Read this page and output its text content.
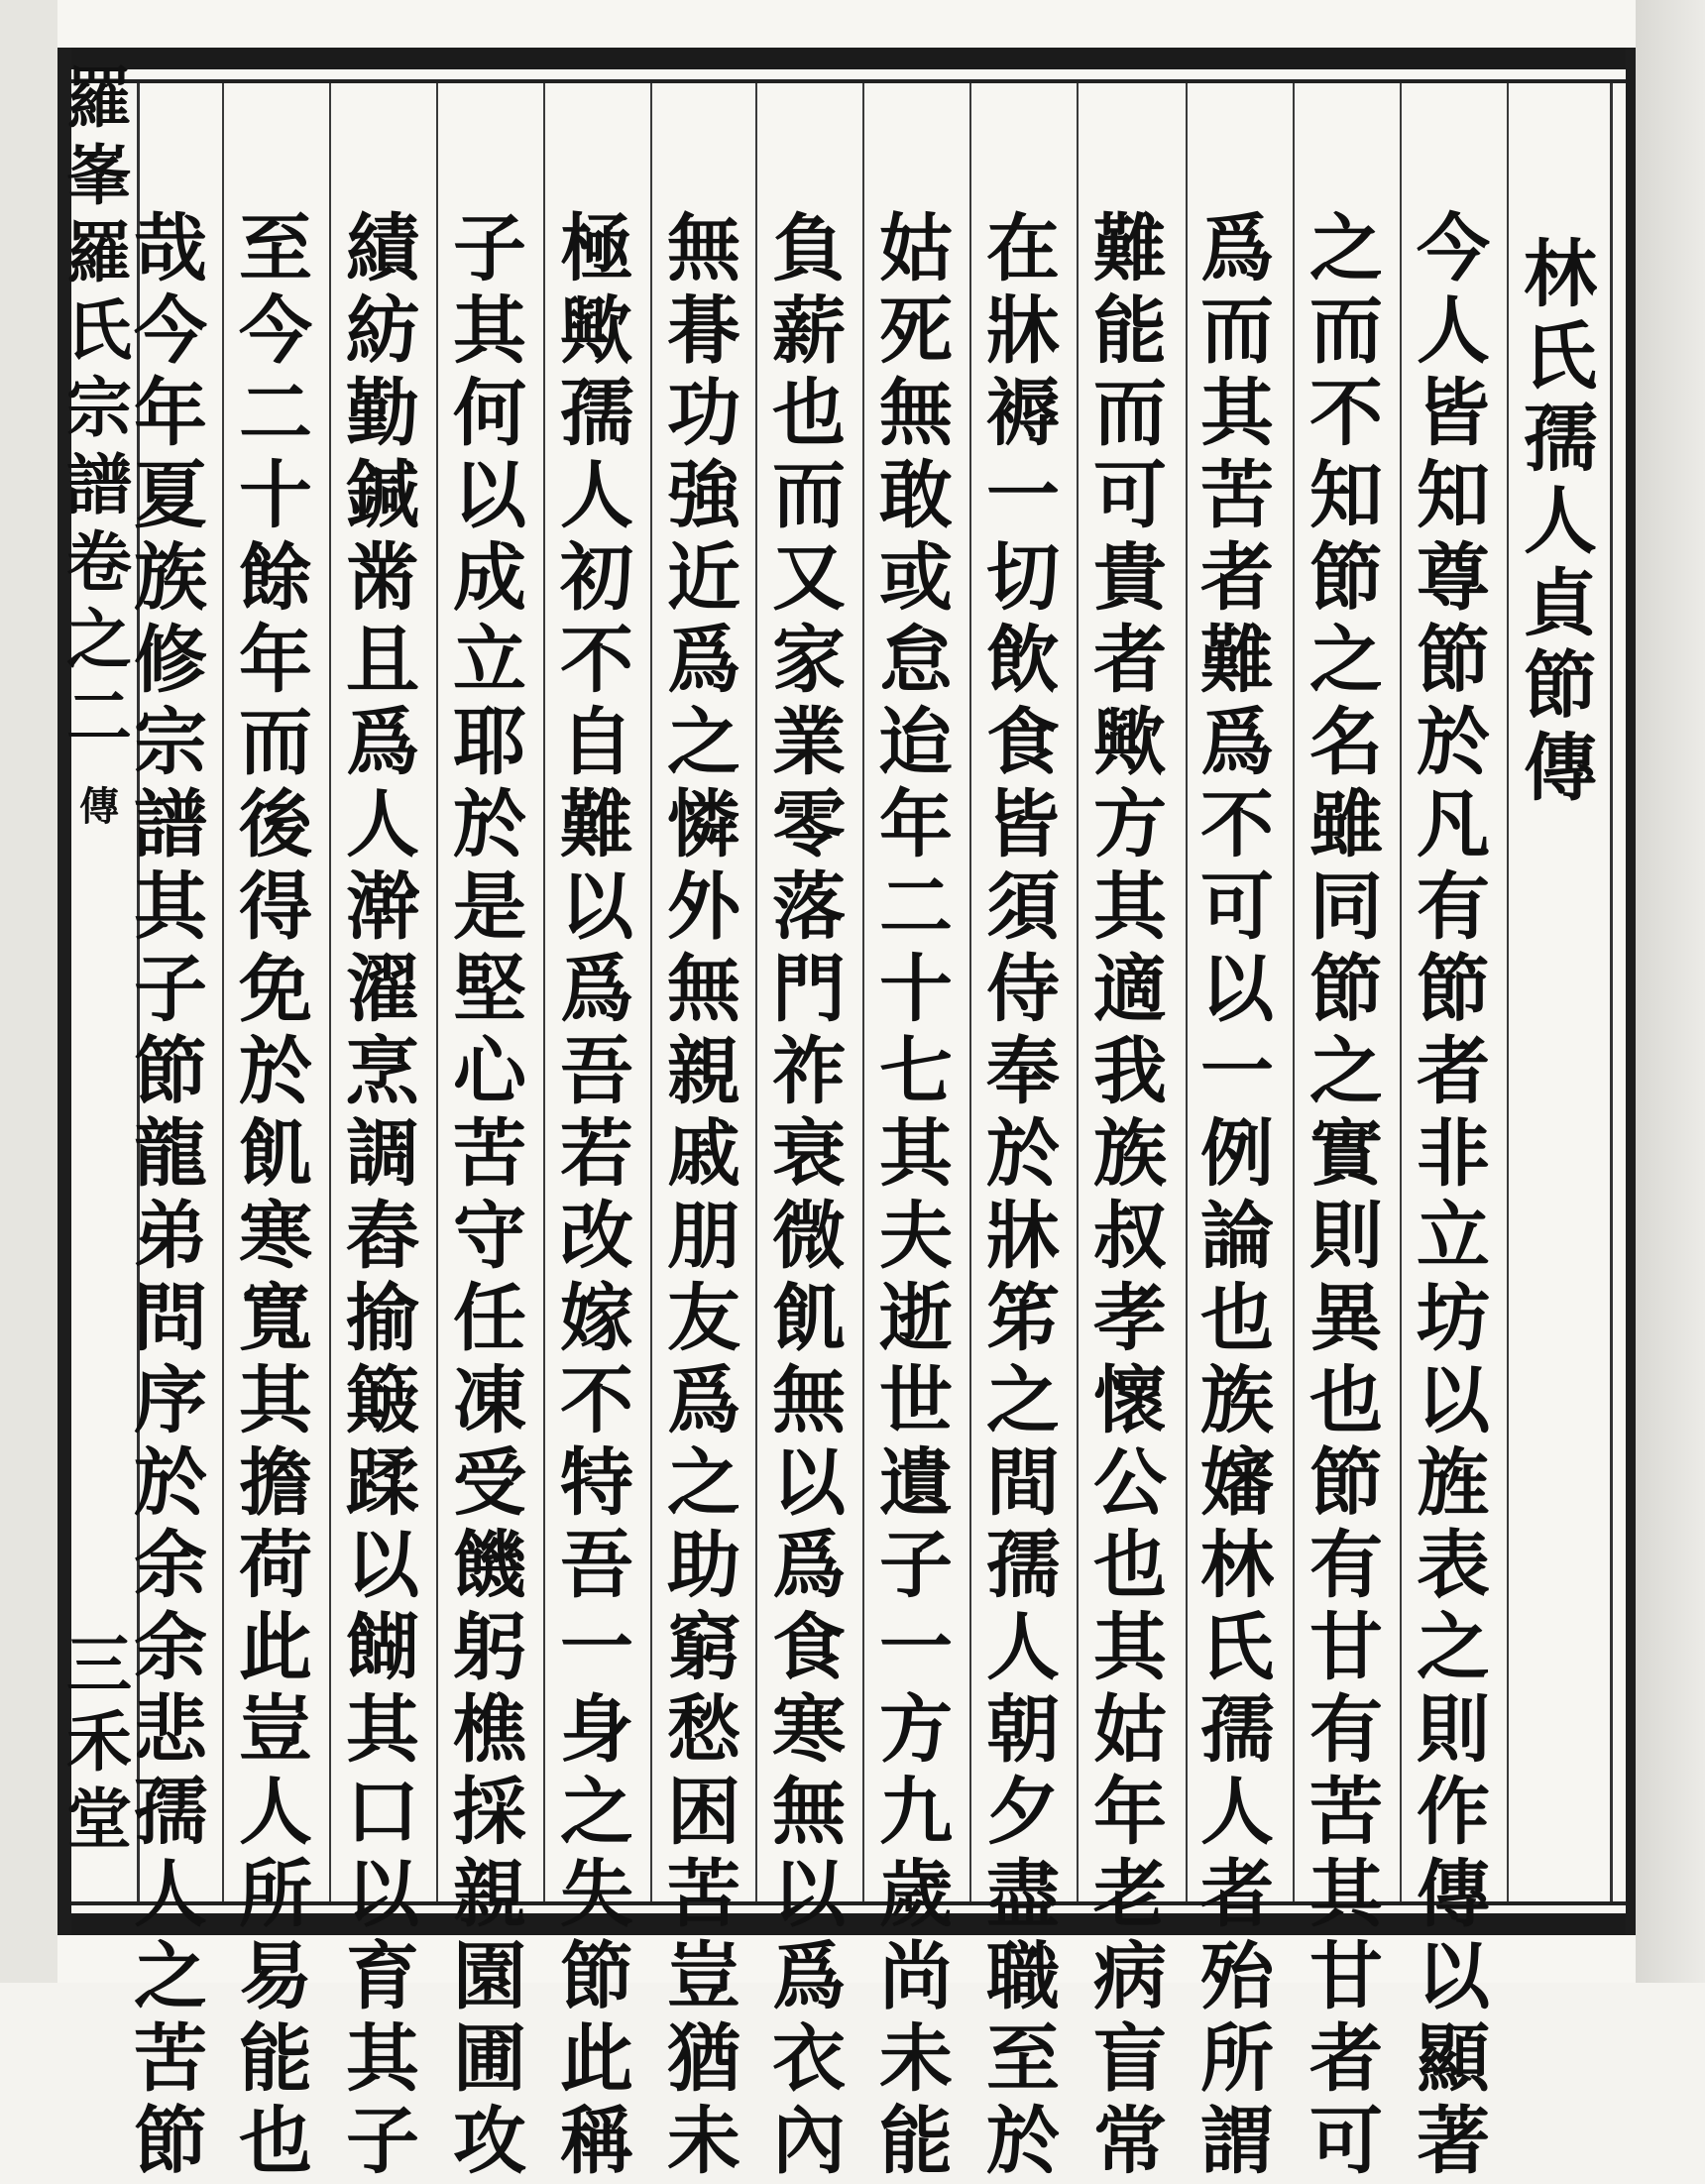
羅
峯
羅
氏
宗
譜
卷
之
二
傳
三
禾
堂
林
氏
孺
人
貞
節
傳
今
人
皆
知
尊
節
於
凡
有
節
者
非
立
坊
以
旌
表
之
則
作
傳
以
顯
著
之
而
不
知
節
之
名
雖
同
節
之
實
則
異
也
節
有
甘
有
苦
其
甘
者
可
爲
而
其
苦
者
難
爲
不
可
以
一
例
論
也
族
嬸
林
氏
孺
人
者
殆
所
謂
難
能
而
可
貴
者
歟
方
其
適
我
族
叔
孝
懷
公
也
其
姑
年
老
病
盲
常
在
牀
褥
一
切
飲
食
皆
須
侍
奉
於
牀
笫
之
間
孺
人
朝
夕
盡
職
至
於
姑
死
無
敢
或
怠
迨
年
二
十
七
其
夫
逝
世
遺
子
一
方
九
歲
尚
未
能
負
薪
也
而
又
家
業
零
落
門
祚
衰
微
飢
無
以
爲
食
寒
無
以
爲
衣
內
無
朞
功
強
近
爲
之
憐
外
無
親
戚
朋
友
爲
之
助
窮
愁
困
苦
豈
猶
未
極
歟
孺
人
初
不
自
難
以
爲
吾
若
改
嫁
不
特
吾
一
身
之
失
節
此
稱
子
其
何
以
成
立
耶
於
是
堅
心
苦
守
任
凍
受
饑
躬
樵
採
親
園
圃
攻
績
紡
勤
鍼
黹
且
爲
人
澣
濯
烹
調
舂
揄
簸
蹂
以
餬
其
口
以
育
其
子
至
今
二
十
餘
年
而
後
得
免
於
飢
寒
寬
其
擔
荷
此
豈
人
所
易
能
也
哉
今
年
夏
族
修
宗
譜
其
子
節
龍
弟
問
序
於
余
余
悲
孺
人
之
苦
節
